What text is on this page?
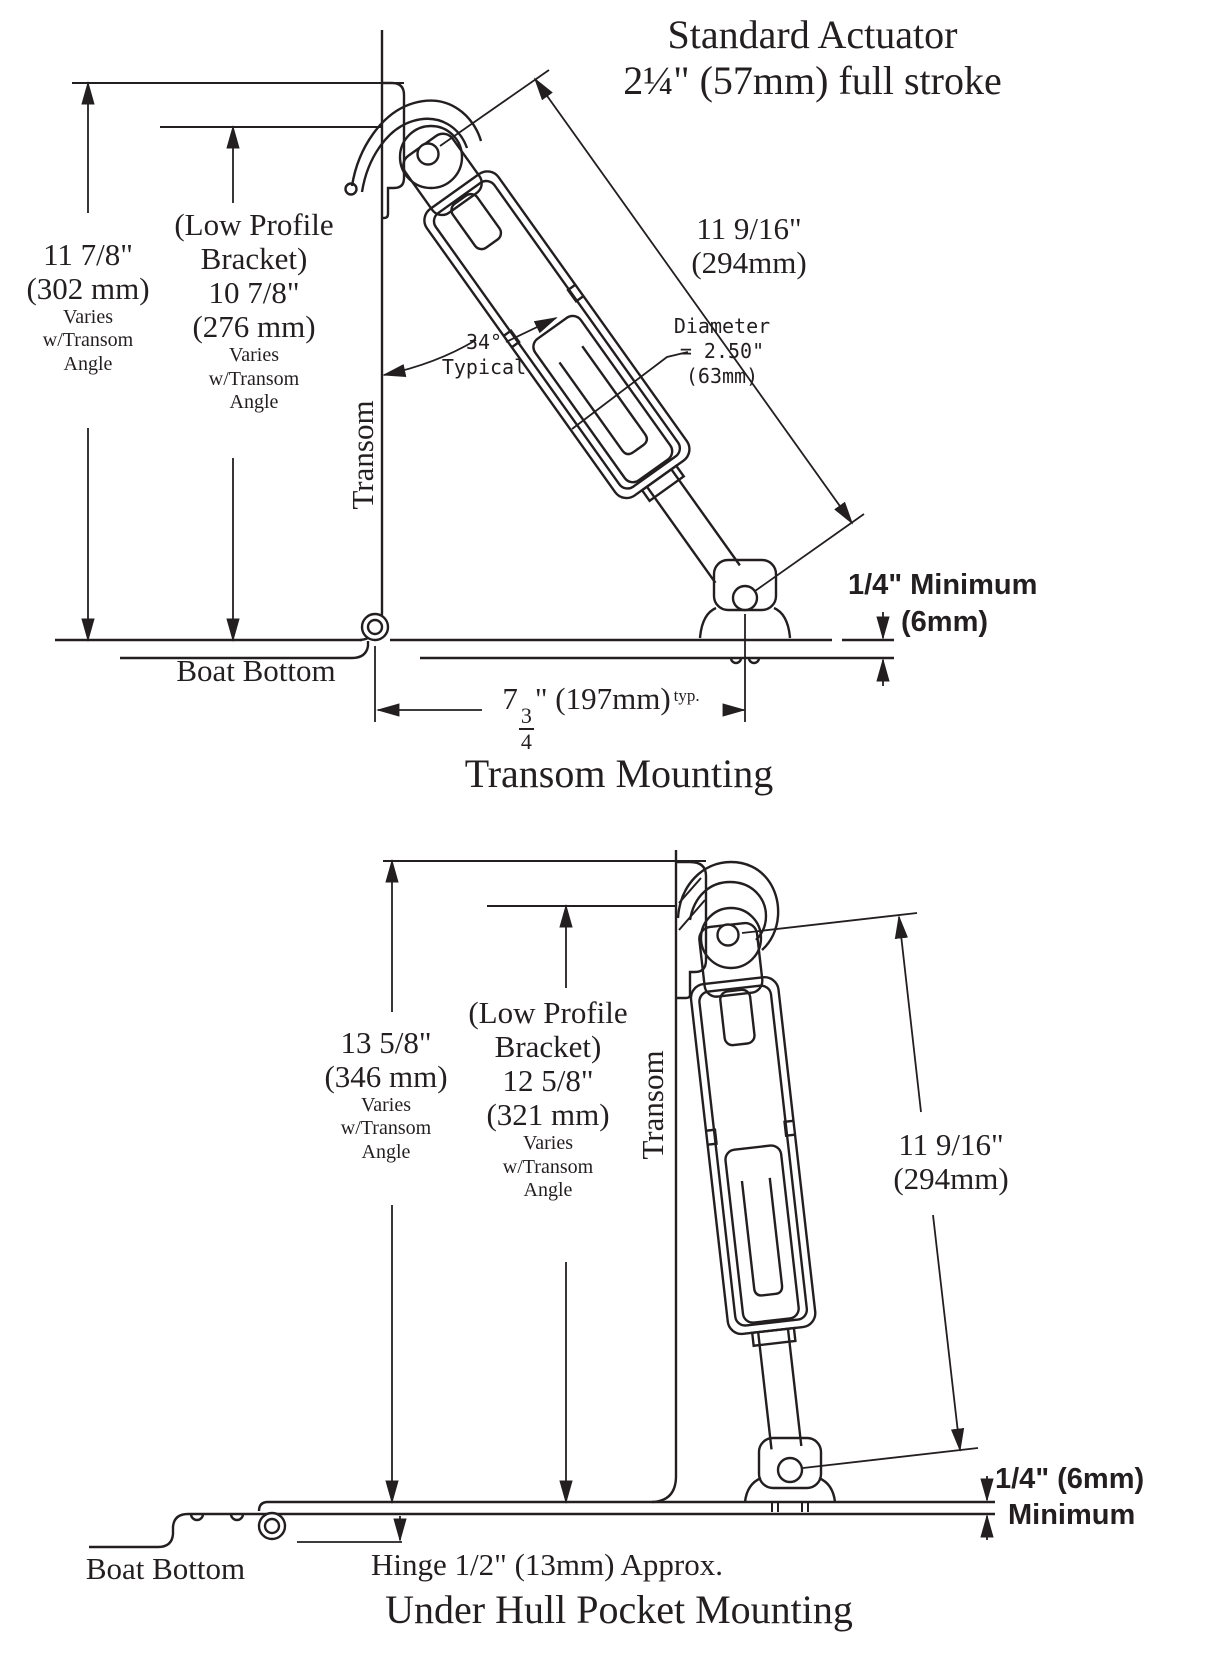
Standard Actuator
2¼" (57mm) full stroke
11 7/8"
(302 mm)
Varies
w/Transom
Angle
(Low Profile
Bracket)
10 7/8"
(276 mm)
Varies
w/Transom
Angle	Transom
34°
Typical
11 9/16"
(294mm)
Diameter
= 2.50"
(63mm)
1/4" Minimum
(6mm)
Boat Bottom
7
$\frac{3}{4}$
" (197mm) $^{typ.}$
Transom Mounting
13 5/8"
(346 mm)
Varies
w/Transom
Angle
(Low Profile
Bracket)
12 5/8"
(321 mm)
Varies
w/Transom
Angle
Transom	11 9/16"
(294mm)
1/4" (6mm)
Minimum
Boat Bottom	Hinge 1/2" (13mm) Approx.
Under Hull Pocket Mounting
